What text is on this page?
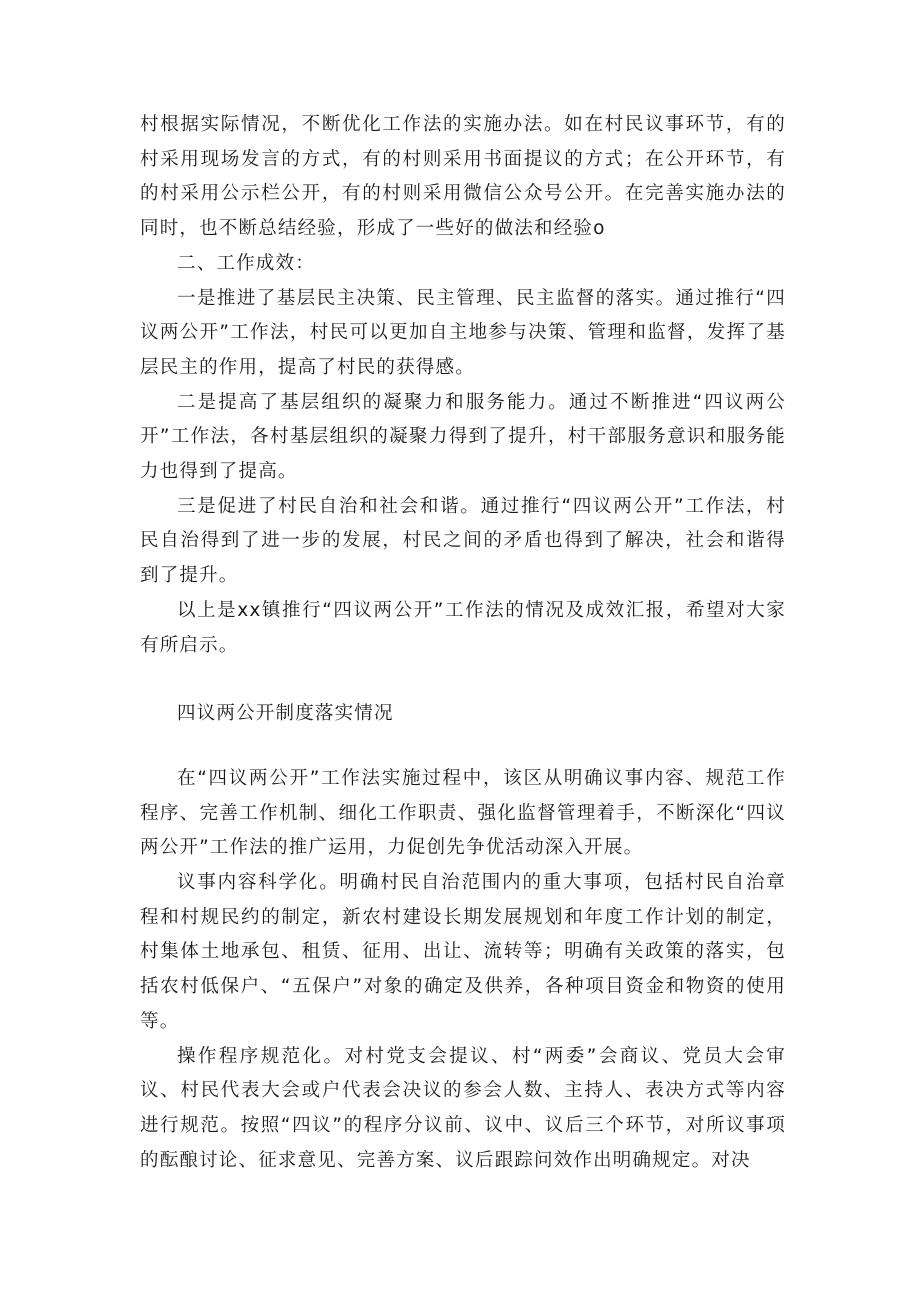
村根据实际情况，不断优化工作法的实施办法。如在村民议事环节，有的村采用现场发言的方式，有的村则采用书面提议的方式；在公开环节，有的村采用公示栏公开，有的村则采用微信公众号公开。在完善实施办法的同时，也不断总结经验，形成了一些好的做法和经验o

二、工作成效：

一是推进了基层民主决策、民主管理、民主监督的落实。通过推行“四议两公开”工作法，村民可以更加自主地参与决策、管理和监督，发挥了基层民主的作用，提高了村民的获得感。

二是提高了基层组织的凝聚力和服务能力。通过不断推进“四议两公开”工作法，各村基层组织的凝聚力得到了提升，村干部服务意识和服务能力也得到了提高。

三是促进了村民自治和社会和谐。通过推行“四议两公开”工作法，村民自治得到了进一步的发展，村民之间的矛盾也得到了解决，社会和谐得到了提升。

以上是xx镇推行“四议两公开”工作法的情况及成效汇报，希望对大家有所启示。

四议两公开制度落实情况

在“四议两公开”工作法实施过程中，该区从明确议事内容、规范工作程序、完善工作机制、细化工作职责、强化监督管理着手，不断深化“四议两公开”工作法的推广运用，力促创先争优活动深入开展。

议事内容科学化。明确村民自治范围内的重大事项，包括村民自治章程和村规民约的制定，新农村建设长期发展规划和年度工作计划的制定，村集体土地承包、租赁、征用、出让、流转等；明确有关政策的落实，包括农村低保户、“五保户”对象的确定及供养，各种项目资金和物资的使用等。

操作程序规范化。对村党支会提议、村“两委”会商议、党员大会审议、村民代表大会或户代表会决议的参会人数、主持人、表决方式等内容进行规范。按照“四议”的程序分议前、议中、议后三个环节，对所议事项的酝酿讨论、征求意见、完善方案、议后跟踪问效作出明确规定。对决
